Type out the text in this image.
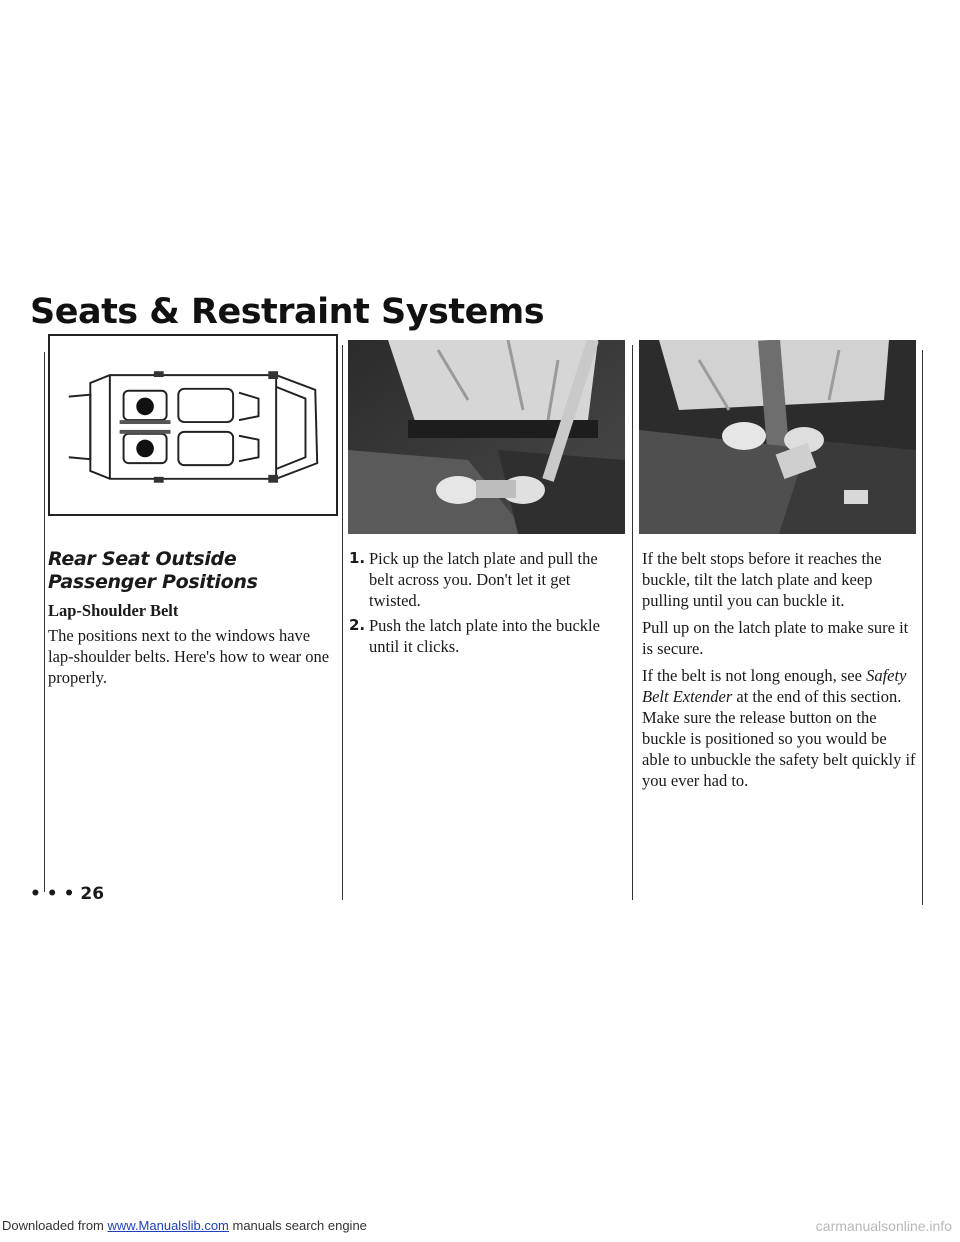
Seats & Restraint Systems
Rear Seat Outside Passenger Positions
Lap-Shoulder Belt

The positions next to the windows have lap-shoulder belts. Here's how to wear one properly.

1. Pick up the latch plate and pull the belt across you. Don't let it get twisted.
2. Push the latch plate into the buckle until it clicks.

If the belt stops before it reaches the buckle, tilt the latch plate and keep pulling until you can buckle it.

Pull up on the latch plate to make sure it is secure.

If the belt is not long enough, see Safety Belt Extender at the end of this section. Make sure the release button on the buckle is positioned so you would be able to unbuckle the safety belt quickly if you ever had to.

• • • 26
Downloaded from www.Manualslib.com manuals search engine	carmanualsonline.info
